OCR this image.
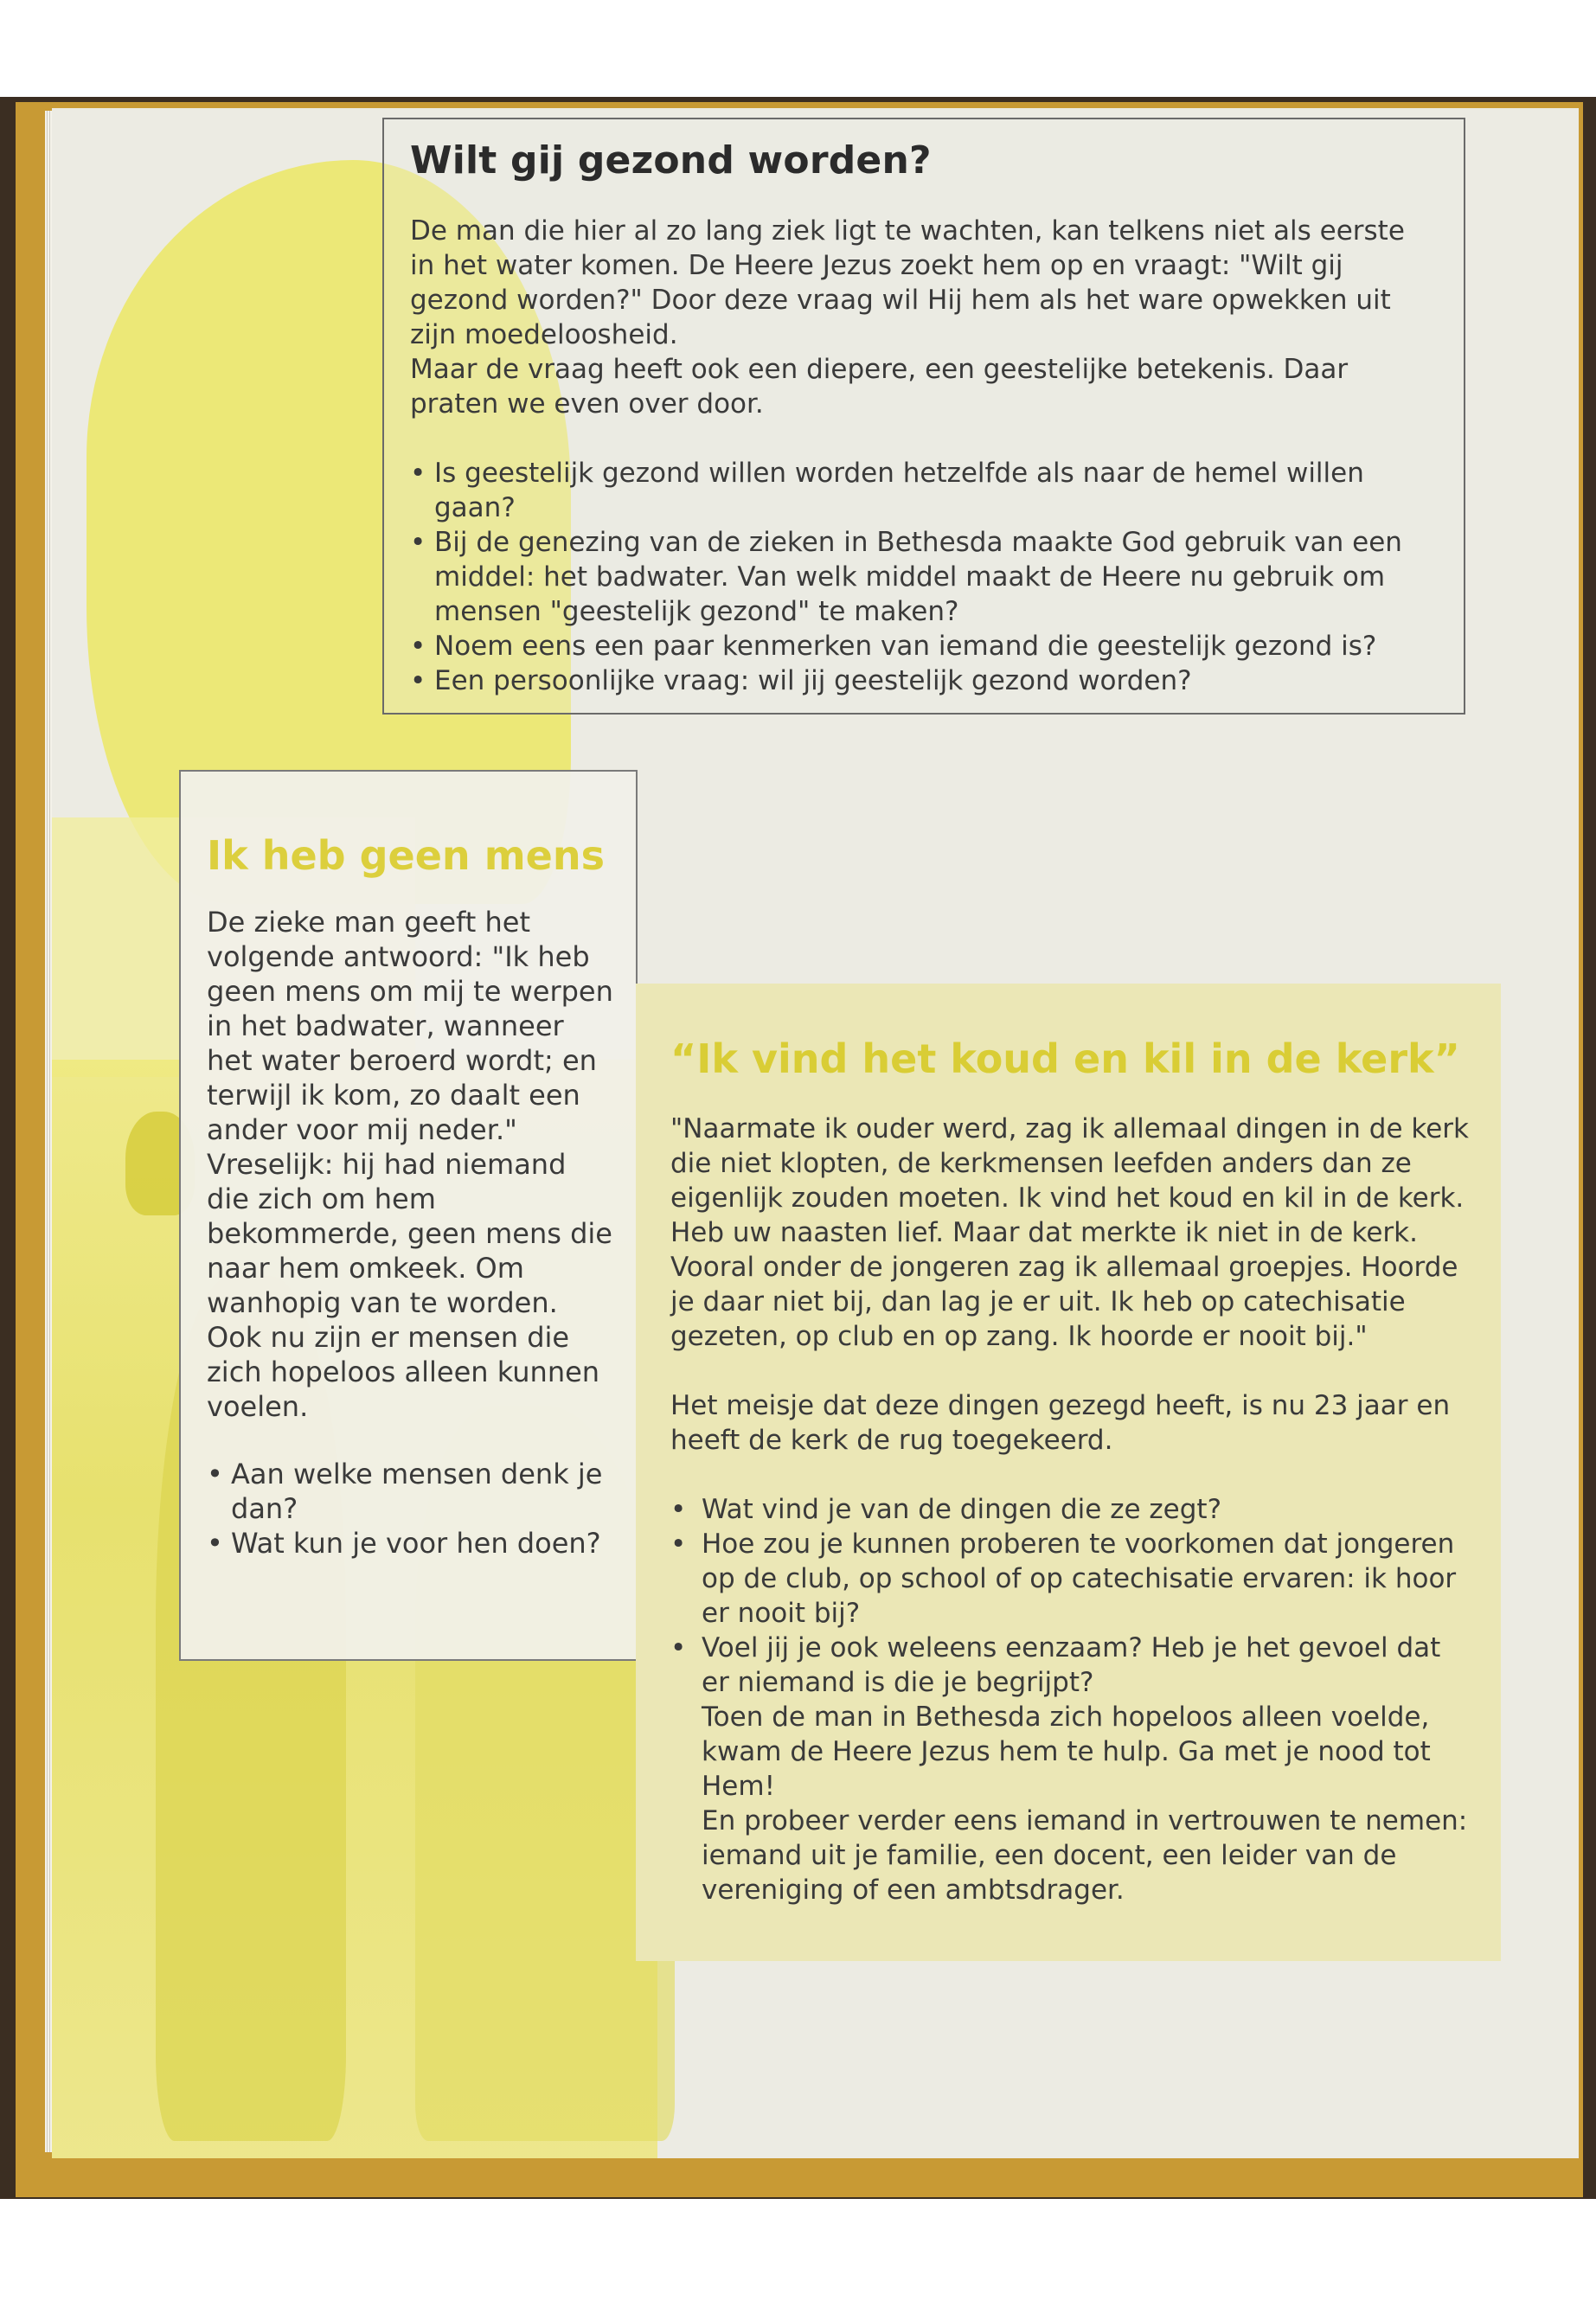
Wilt gij gezond worden?

De man die hier al zo lang ziek ligt te wachten, kan telkens niet als eerste in het water komen. De Heere Jezus zoekt hem op en vraagt: "Wilt gij gezond worden?" Door deze vraag wil Hij hem als het ware opwekken uit zijn moedeloosheid.

Maar de vraag heeft ook een diepere, een geestelijke betekenis. Daar praten we even over door.

• Is geestelijk gezond willen worden hetzelfde als naar de hemel willen gaan?
• Bij de genezing van de zieken in Bethesda maakte God gebruik van een middel: het badwater. Van welk middel maakt de Heere nu gebruik om mensen "geestelijk gezond" te maken?
• Noem eens een paar kenmerken van iemand die geestelijk gezond is?
• Een persoonlijke vraag: wil jij geestelijk gezond worden?
Ik heb geen mens

De zieke man geeft het volgende antwoord: "Ik heb geen mens om mij te werpen in het badwater, wanneer het water beroerd wordt; en terwijl ik kom, zo daalt een ander voor mij neder."

Vreselijk: hij had niemand die zich om hem bekommerde, geen mens die naar hem omkeek. Om wanhopig van te worden.

Ook nu zijn er mensen die zich hopeloos alleen kunnen voelen.

• Aan welke mensen denk je dan?
• Wat kun je voor hen doen?
“Ik vind het koud en kil in de kerk”

"Naarmate ik ouder werd, zag ik allemaal dingen in de kerk die niet klopten, de kerkmensen leefden anders dan ze eigenlijk zouden moeten. Ik vind het koud en kil in de kerk. Heb uw naasten lief. Maar dat merkte ik niet in de kerk. Vooral onder de jongeren zag ik allemaal groepjes. Hoorde je daar niet bij, dan lag je er uit. Ik heb op catechisatie gezeten, op club en op zang. Ik hoorde er nooit bij."

Het meisje dat deze dingen gezegd heeft, is nu 23 jaar en heeft de kerk de rug toegekeerd.

• Wat vind je van de dingen die ze zegt?
• Hoe zou je kunnen proberen te voorkomen dat jongeren op de club, op school of op catechisatie ervaren: ik hoor er nooit bij?
• Voel jij je ook weleens eenzaam? Heb je het gevoel dat er niemand is die je begrijpt?
Toen de man in Bethesda zich hopeloos alleen voelde, kwam de Heere Jezus hem te hulp. Ga met je nood tot Hem!
En probeer verder eens iemand in vertrouwen te nemen: iemand uit je familie, een docent, een leider van de vereniging of een ambtsdrager.
